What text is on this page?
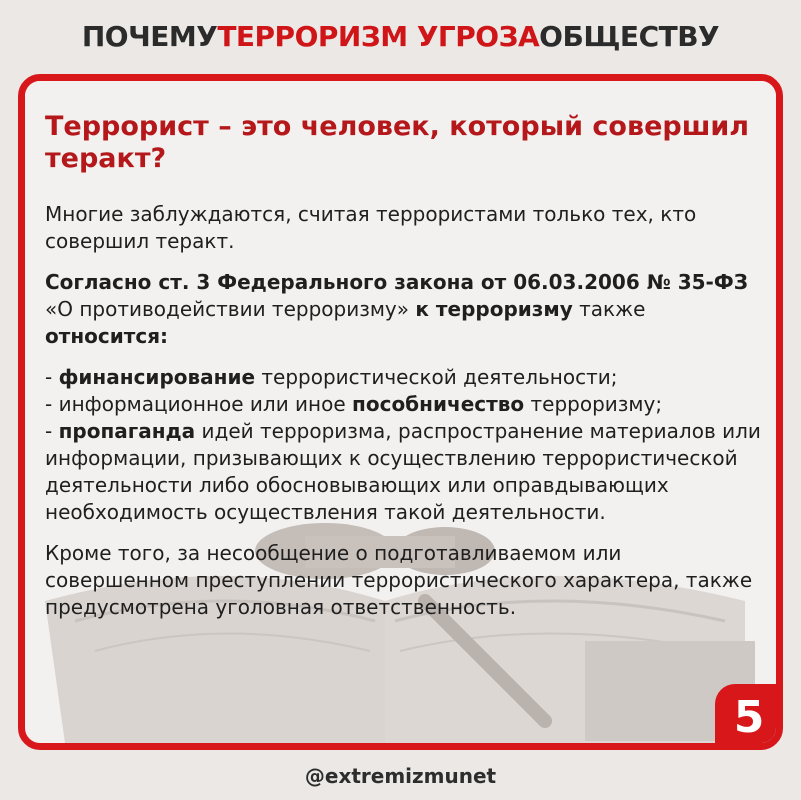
ПОЧЕМУ ТЕРРОРИЗМ УГРОЗА ОБЩЕСТВУ

Террорист – это человек, который совершил теракт?

Многие заблуждаются, считая террористами только тех, кто совершил теракт.

Согласно ст. 3 Федерального закона от 06.03.2006 № 35-ФЗ «О противодействии терроризму» к терроризму также относится:

- финансирование террористической деятельности;
- информационное или иное пособничество терроризму;
- пропаганда идей терроризма, распространение материалов или информации, призывающих к осуществлению террористической деятельности либо обосновывающих или оправдывающих необходимость осуществления такой деятельности.

Кроме того, за несообщение о подготавливаемом или совершенном преступлении террористического характера, также предусмотрена уголовная ответственность.

5
@extremizmunet
